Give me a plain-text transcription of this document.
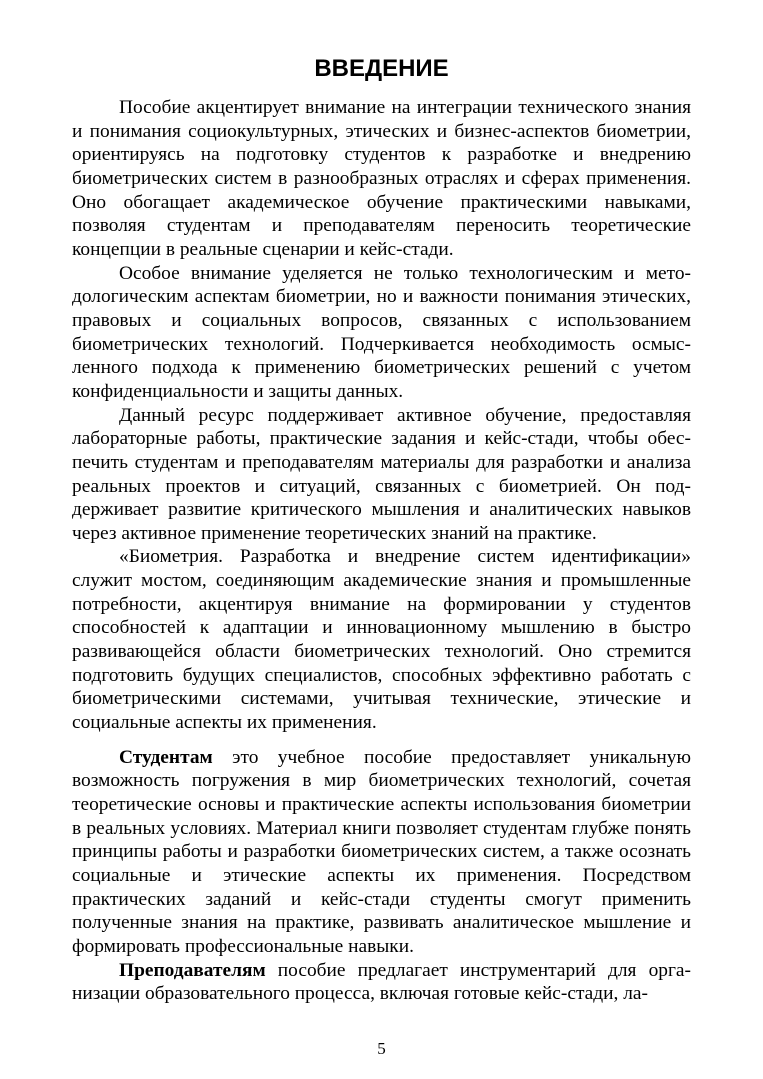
ВВЕДЕНИЕ

Пособие акцентирует внимание на интеграции технического знания и понимания социокультурных, этических и бизнес-аспектов биометрии, ориентируясь на подготовку студентов к разработке и внедрению биометрических систем в разнообразных отраслях и сферах применения. Оно обогащает академическое обучение практическими навыками, позволяя студентам и преподавателям переносить теоретические концепции в реальные сценарии и кейс-стади.

Особое внимание уделяется не только технологическим и методологическим аспектам биометрии, но и важности понимания этических, правовых и социальных вопросов, связанных с использованием биометрических технологий. Подчеркивается необходимость осмысленного подхода к применению биометрических решений с учетом конфиденциальности и защиты данных.

Данный ресурс поддерживает активное обучение, предоставляя лабораторные работы, практические задания и кейс-стади, чтобы обеспечить студентам и преподавателям материалы для разработки и анализа реальных проектов и ситуаций, связанных с биометрией. Он поддерживает развитие критического мышления и аналитических навыков через активное применение теоретических знаний на практике.

«Биометрия. Разработка и внедрение систем идентификации» служит мостом, соединяющим академические знания и промышленные потребности, акцентируя внимание на формировании у студентов способностей к адаптации и инновационному мышлению в быстро развивающейся области биометрических технологий. Оно стремится подготовить будущих специалистов, способных эффективно работать с биометрическими системами, учитывая технические, этические и социальные аспекты их применения.

Студентам это учебное пособие предоставляет уникальную возможность погружения в мир биометрических технологий, сочетая теоретические основы и практические аспекты использования биометрии в реальных условиях. Материал книги позволяет студентам глубже понять принципы работы и разработки биометрических систем, а также осознать социальные и этические аспекты их применения. Посредством практических заданий и кейс-стади студенты смогут применить полученные знания на практике, развивать аналитическое мышление и формировать профессиональные навыки.

Преподавателям пособие предлагает инструментарий для организации образовательного процесса, включая готовые кейс-стади, ла-

5
